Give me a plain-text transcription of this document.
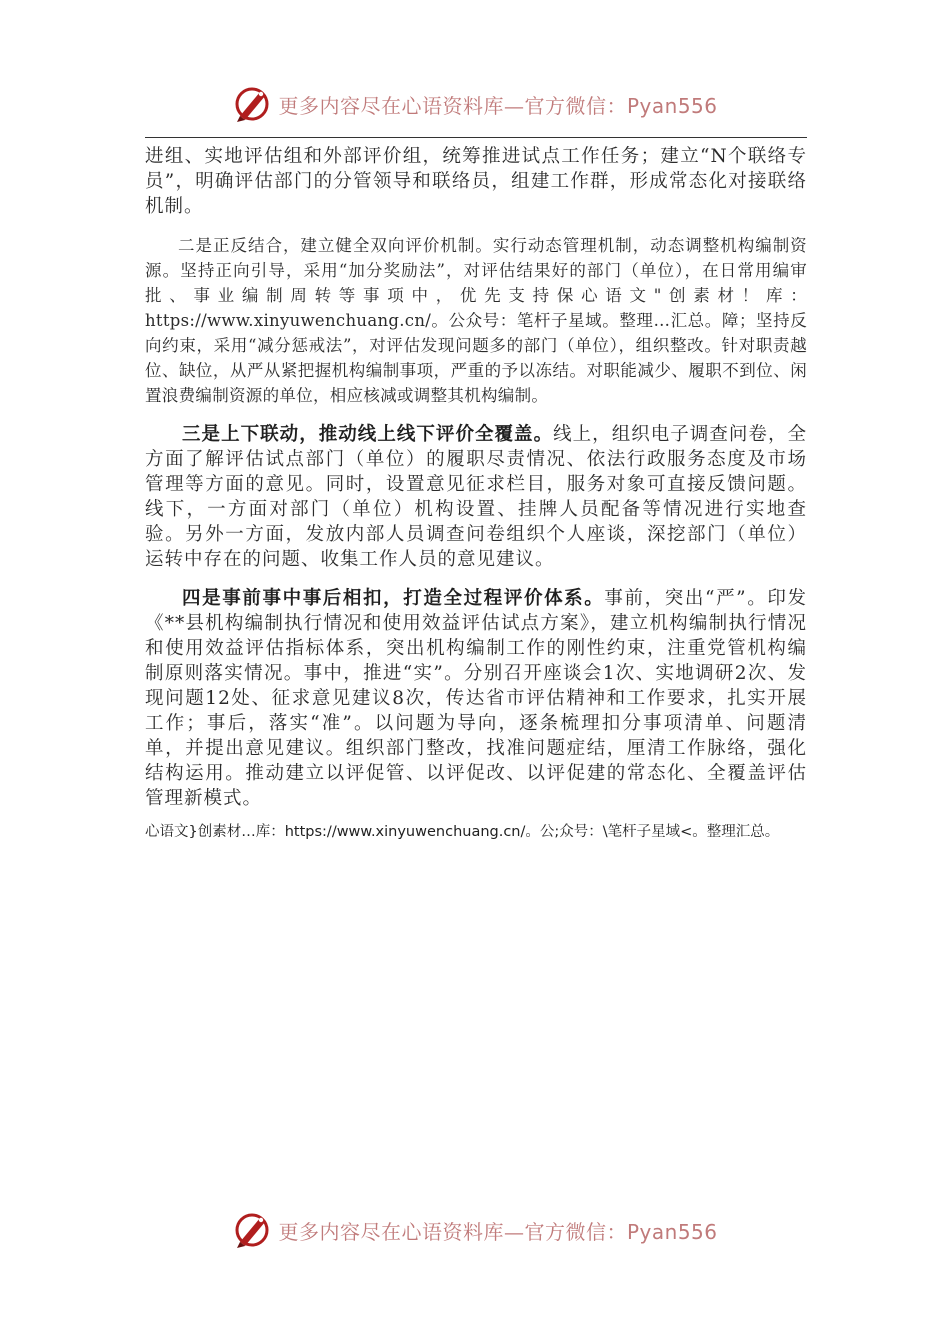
更多内容尽在心语资料库—官方微信：Pyan556

进组、实地评估组和外部评价组，统筹推进试点工作任务；建立“N个联络专员”，明确评估部门的分管领导和联络员，组建工作群，形成常态化对接联络机制。

二是正反结合，建立健全双向评价机制。实行动态管理机制，动态调整机构编制资源。坚持正向引导，采用“加分奖励法”，对评估结果好的部门（单位），在日常用编审批、事业编制周转等事项中，优先支持保心语文"创素材！库：https://www.xinyuwenchuang.cn/。公众号：笔杆子星域。整理…汇总。障；坚持反向约束，采用“减分惩戒法”，对评估发现问题多的部门（单位），组织整改。针对职责越位、缺位，从严从紧把握机构编制事项，严重的予以冻结。对职能减少、履职不到位、闲置浪费编制资源的单位，相应核减或调整其机构编制。

三是上下联动，推动线上线下评价全覆盖。线上，组织电子调查问卷，全方面了解评估试点部门（单位）的履职尽责情况、依法行政服务态度及市场管理等方面的意见。同时，设置意见征求栏目，服务对象可直接反馈问题。线下，一方面对部门（单位）机构设置、挂牌人员配备等情况进行实地查验。另外一方面，发放内部人员调查问卷组织个人座谈，深挖部门（单位）运转中存在的问题、收集工作人员的意见建议。

四是事前事中事后相扣，打造全过程评价体系。事前，突出“严”。印发《**县机构编制执行情况和使用效益评估试点方案》，建立机构编制执行情况和使用效益评估指标体系，突出机构编制工作的刚性约束，注重党管机构编制原则落实情况。事中，推进“实”。分别召开座谈会1次、实地调研2次、发现问题12处、征求意见建议8次，传达省市评估精神和工作要求，扎实开展工作；事后，落实“准”。以问题为导向，逐条梳理扣分事项清单、问题清单，并提出意见建议。组织部门整改，找准问题症结，厘清工作脉络，强化结构运用。推动建立以评促管、以评促改、以评促建的常态化、全覆盖评估管理新模式。

心语文}创素材…库：https://www.xinyuwenchuang.cn/。公;众号：\笔杆子星域<。整理汇总。
更多内容尽在心语资料库—官方微信：Pyan556
